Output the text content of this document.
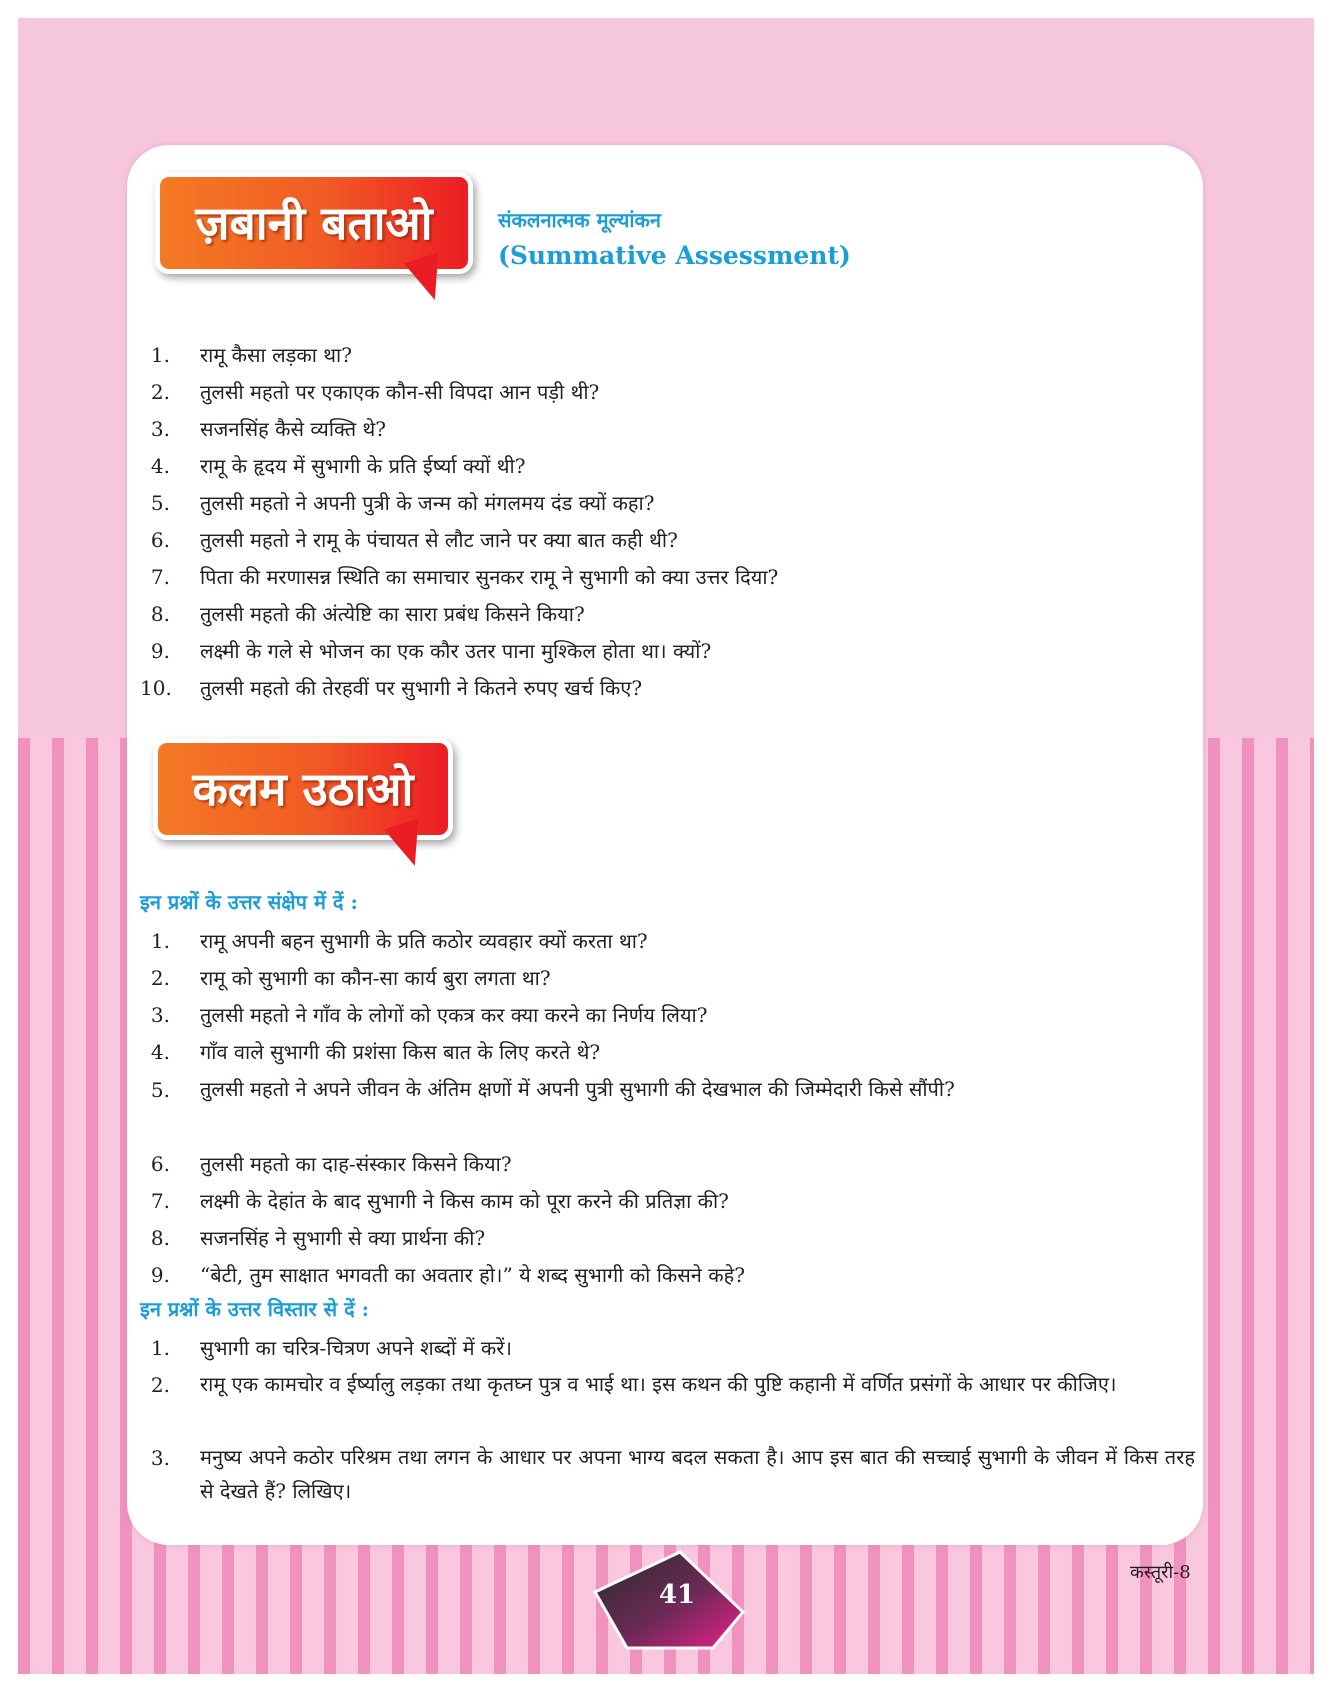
ज़बानी बताओ	संकलनात्मक मूल्यांकन
(Summative Assessment)
1. रामू कैसा लड़का था?
2. तुलसी महतो पर एकाएक कौन-सी विपदा आन पड़ी थी?
3. सजनसिंह कैसे व्यक्ति थे?
4. रामू के हृदय में सुभागी के प्रति ईर्ष्या क्यों थी?
5. तुलसी महतो ने अपनी पुत्री के जन्म को मंगलमय दंड क्यों कहा?
6. तुलसी महतो ने रामू के पंचायत से लौट जाने पर क्या बात कही थी?
7. पिता की मरणासन्न स्थिति का समाचार सुनकर रामू ने सुभागी को क्या उत्तर दिया?
8. तुलसी महतो की अंत्येष्टि का सारा प्रबंध किसने किया?
9. लक्ष्मी के गले से भोजन का एक कौर उतर पाना मुश्किल होता था। क्यों?
10. तुलसी महतो की तेरहवीं पर सुभागी ने कितने रुपए खर्च किए?
कलम उठाओ
इन प्रश्नों के उत्तर संक्षेप में दें :
1. रामू अपनी बहन सुभागी के प्रति कठोर व्यवहार क्यों करता था?
2. रामू को सुभागी का कौन-सा कार्य बुरा लगता था?
3. तुलसी महतो ने गाँव के लोगों को एकत्र कर क्या करने का निर्णय लिया?
4. गाँव वाले सुभागी की प्रशंसा किस बात के लिए करते थे?
5. तुलसी महतो ने अपने जीवन के अंतिम क्षणों में अपनी पुत्री सुभागी की देखभाल की जिम्मेदारी किसे सौंपी?
6. तुलसी महतो का दाह-संस्कार किसने किया?
7. लक्ष्मी के देहांत के बाद सुभागी ने किस काम को पूरा करने की प्रतिज्ञा की?
8. सजनसिंह ने सुभागी से क्या प्रार्थना की?
9. “बेटी, तुम साक्षात भगवती का अवतार हो।” ये शब्द सुभागी को किसने कहे?
इन प्रश्नों के उत्तर विस्तार से दें :
1. सुभागी का चरित्र-चित्रण अपने शब्दों में करें।
2. रामू एक कामचोर व ईर्ष्यालु लड़का तथा कृतघ्न पुत्र व भाई था। इस कथन की पुष्टि कहानी में वर्णित प्रसंगों के आधार पर कीजिए।
3. मनुष्य अपने कठोर परिश्रम तथा लगन के आधार पर अपना भाग्य बदल सकता है। आप इस बात की सच्चाई सुभागी के जीवन में किस तरह से देखते हैं? लिखिए।
41
कस्तूरी-8
